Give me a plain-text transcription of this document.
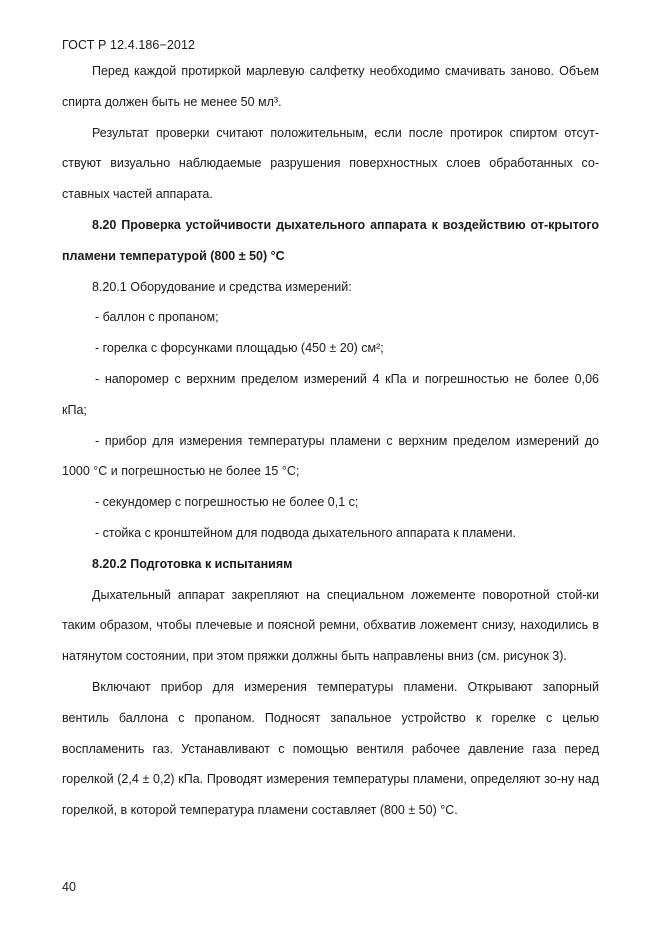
ГОСТ Р 12.4.186−2012

Перед каждой протиркой марлевую салфетку необходимо смачивать заново. Объем спирта должен быть не менее 50 мл³.

Результат проверки считают положительным, если после протирок спиртом отсут-ствуют визуально наблюдаемые разрушения поверхностных слоев обработанных со-ставных частей аппарата.

8.20 Проверка устойчивости дыхательного аппарата к воздействию от-крытого пламени температурой (800 ± 50) °C

8.20.1 Оборудование и средства измерений:

- баллон с пропаном;

- горелка с форсунками площадью (450 ± 20) см²;

- напоромер с верхним пределом измерений 4 кПа и погрешностью не более 0,06 кПа;

- прибор для измерения температуры пламени с верхним пределом измерений до 1000 °C и погрешностью не более 15 °C;

- секундомер с погрешностью не более 0,1 с;

- стойка с кронштейном для подвода дыхательного аппарата к пламени.

8.20.2 Подготовка к испытаниям

Дыхательный аппарат закрепляют на специальном ложементе поворотной стой-ки таким образом, чтобы плечевые и поясной ремни, обхватив ложемент снизу, находились в натянутом состоянии, при этом пряжки должны быть направлены вниз (см. рисунок 3).

Включают прибор для измерения температуры пламени. Открывают запорный вентиль баллона с пропаном. Подносят запальное устройство к горелке с целью воспламенить газ. Устанавливают с помощью вентиля рабочее давление газа перед горелкой (2,4 ± 0,2) кПа. Проводят измерения температуры пламени, определяют зо-ну над горелкой, в которой температура пламени составляет (800 ± 50) °C.

40
